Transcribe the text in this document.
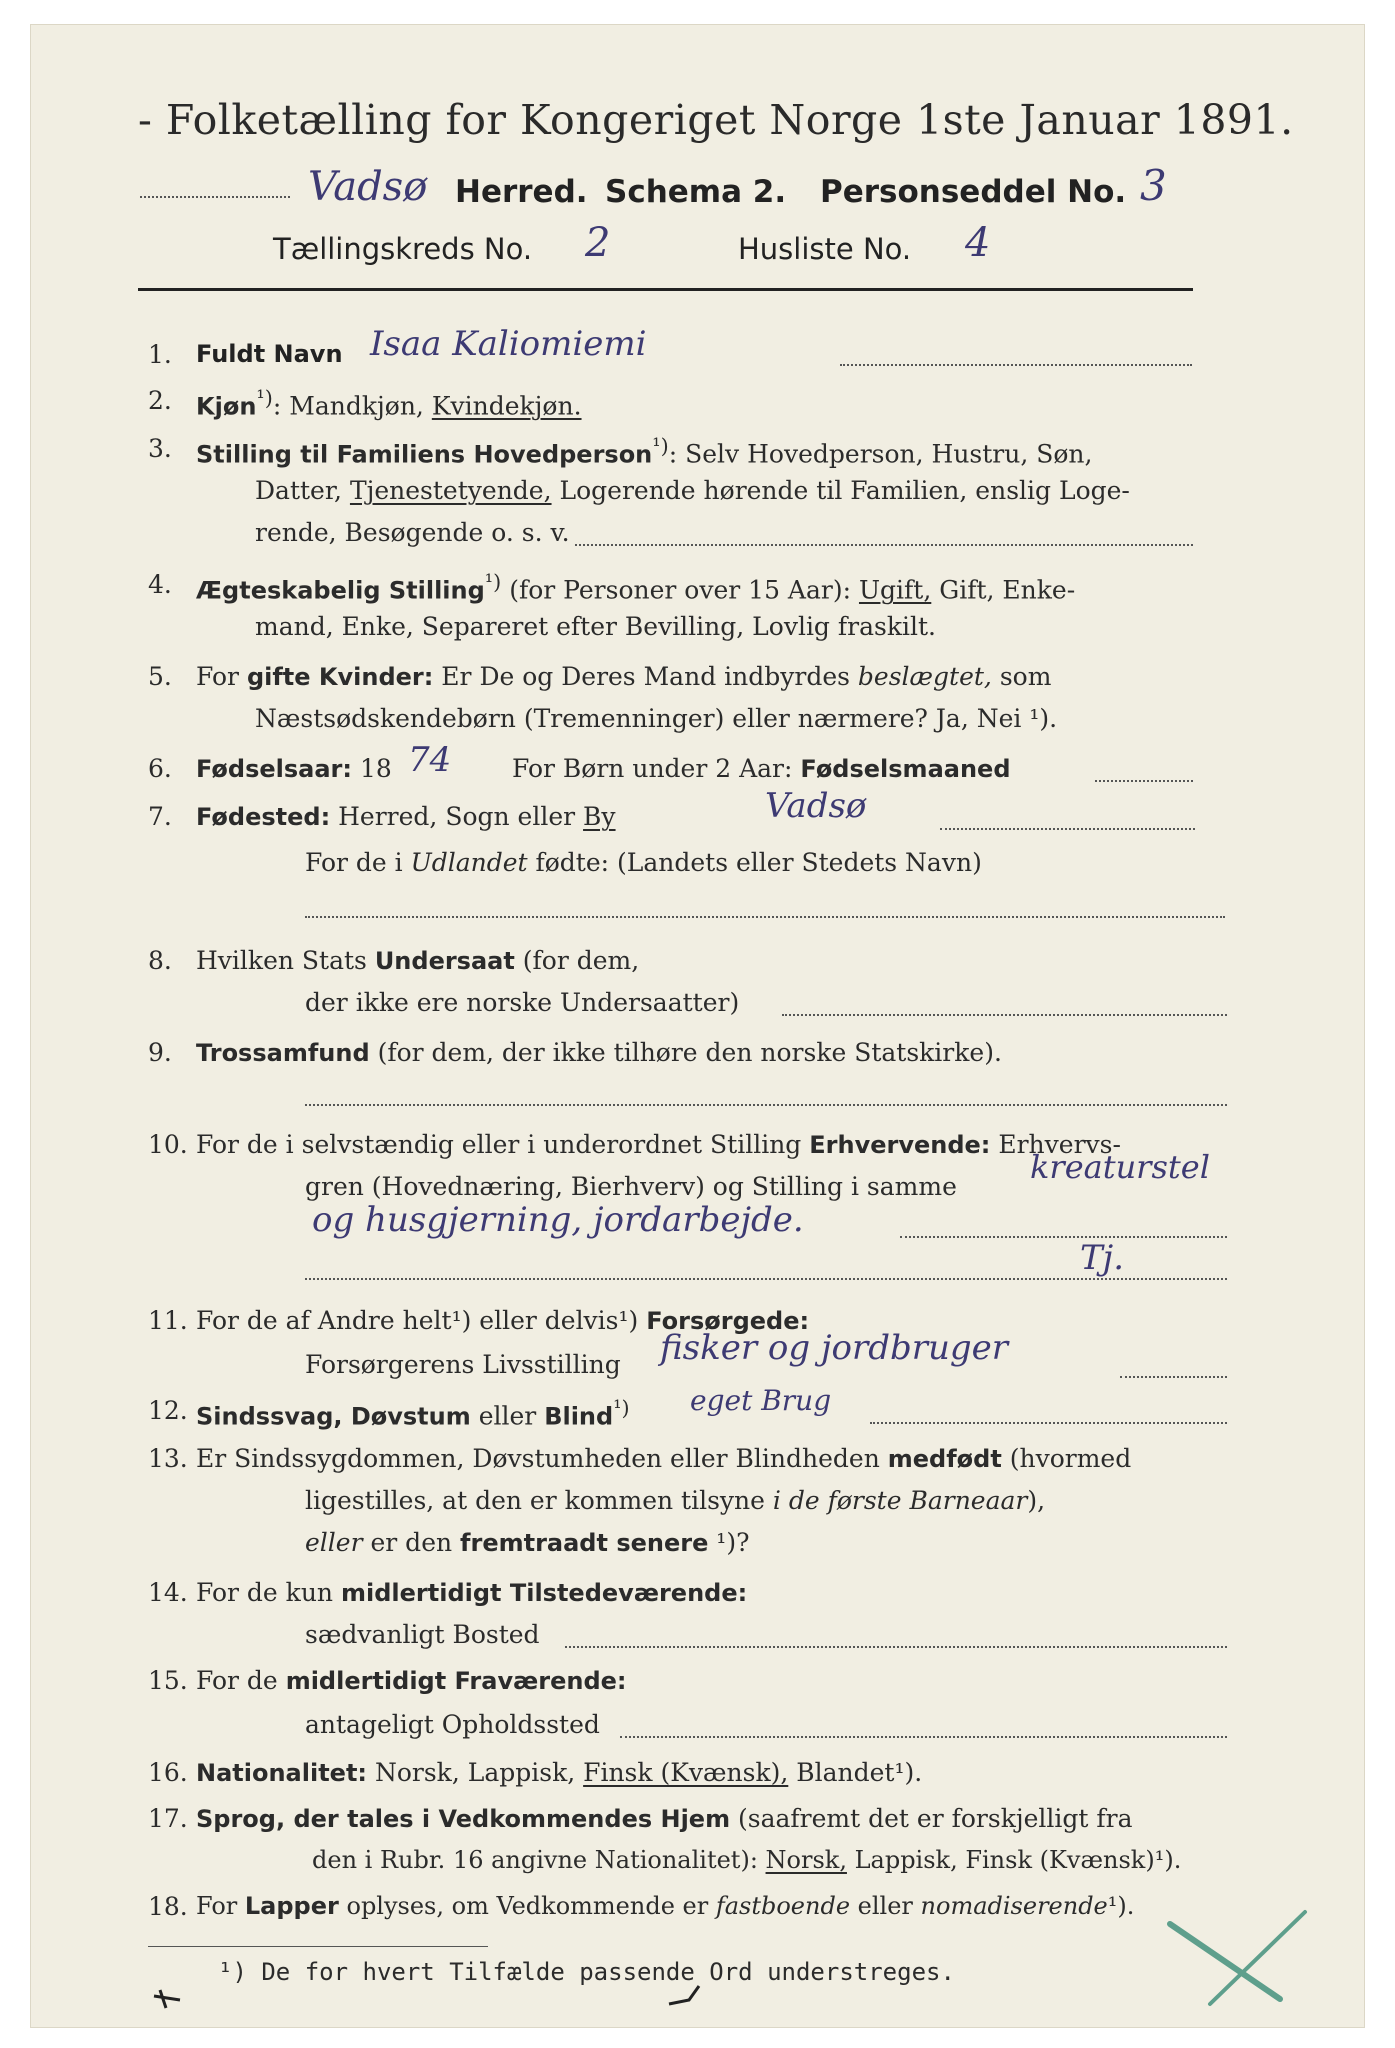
- Folketælling for Kongeriget Norge 1ste Januar 1891.
Vadsø Herred. Schema 2. Personseddel No. 3
Tællingskreds No. 2	Husliste No. 4
1. Fuldt Navn Isaa Kaliomiemi
2. Kjøn$^{^1)}$: Mandkjøn, Kvindekjøn.
3. Stilling til Familiens Hovedperson$^{^1)}$: Selv Hovedperson, Hustru, Søn,
Datter, Tjenestetyende, Logerende hørende til Familien, enslig Loge-
rende, Besøgende o. s. v.
4. Ægteskabelig Stilling$^{^1)}$ (for Personer over 15 Aar): Ugift, Gift, Enke-
mand, Enke, Separeret efter Bevilling, Lovlig fraskilt.
5. For gifte Kvinder: Er De og Deres Mand indbyrdes beslægtet, som
Næstsødskendebørn (Tremenninger) eller nærmere? Ja, Nei ¹).
6. Fødselsaar: 18 74 For Børn under 2 Aar: Fødselsmaaned
7. Fødested: Herred, Sogn eller By	Vadsø
For de i Udlandet fødte: (Landets eller Stedets Navn)
8. Hvilken Stats Undersaat (for dem,
der ikke ere norske Undersaatter)
9. Trossamfund (for dem, der ikke tilhøre den norske Statskirke).
10. For de i selvstændig eller i underordnet Stilling Erhvervende: Erhvervs-
gren (Hovednæring, Bierhverv) og Stilling i samme
kreaturstel
og husgjerning, jordarbejde.
Tj.
11. For de af Andre helt¹) eller delvis¹) Forsørgede:
Forsørgerens Livsstilling fisker og jordbruger
12. Sindssvag, Døvstum eller Blind$^{^1)}$ eget Brug
13. Er Sindssygdommen, Døvstumheden eller Blindheden medfødt (hvormed
ligestilles, at den er kommen tilsyne i de første Barneaar),
eller er den fremtraadt senere ¹)?
14. For de kun midlertidigt Tilstedeværende:
sædvanligt Bosted
15. For de midlertidigt Fraværende:
antageligt Opholdssted
16. Nationalitet: Norsk, Lappisk, Finsk (Kvænsk), Blandet¹).
17. Sprog, der tales i Vedkommendes Hjem (saafremt det er forskjelligt fra
den i Rubr. 16 angivne Nationalitet): Norsk, Lappisk, Finsk (Kvænsk)¹).
18. For Lapper oplyses, om Vedkommende er fastboende eller nomadiserende¹).
¹) De for hvert Tilfælde passende Ord understreges.
